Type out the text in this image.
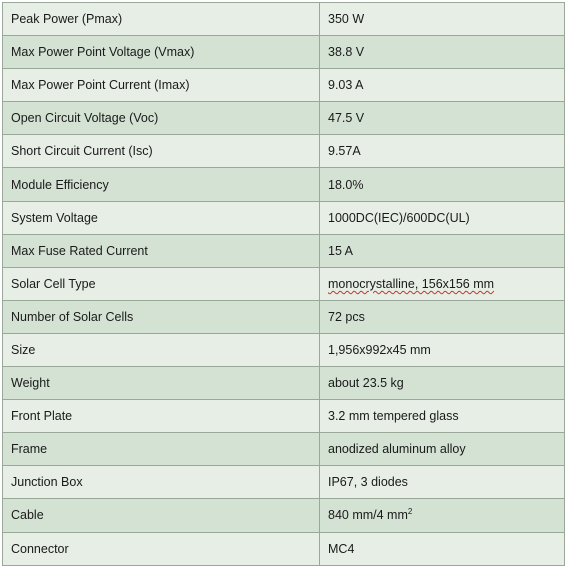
Peak Power (Pmax)	350 W
Max Power Point Voltage (Vmax)	38.8 V
Max Power Point Current (Imax)	9.03 A
Open Circuit Voltage (Voc)	47.5 V
Short Circuit Current (Isc)	9.57A
Module Efficiency	18.0%
System Voltage	1000DC(IEC)/600DC(UL)
Max Fuse Rated Current	15 A
Solar Cell Type	monocrystalline, 156x156 mm
Number of Solar Cells	72 pcs
Size	1,956x992x45 mm
Weight	about 23.5 kg
Front Plate	3.2 mm tempered glass
Frame	anodized aluminum alloy
Junction Box	IP67, 3 diodes
Cable	840 mm/4 $mm^2$
Connector	MC4
